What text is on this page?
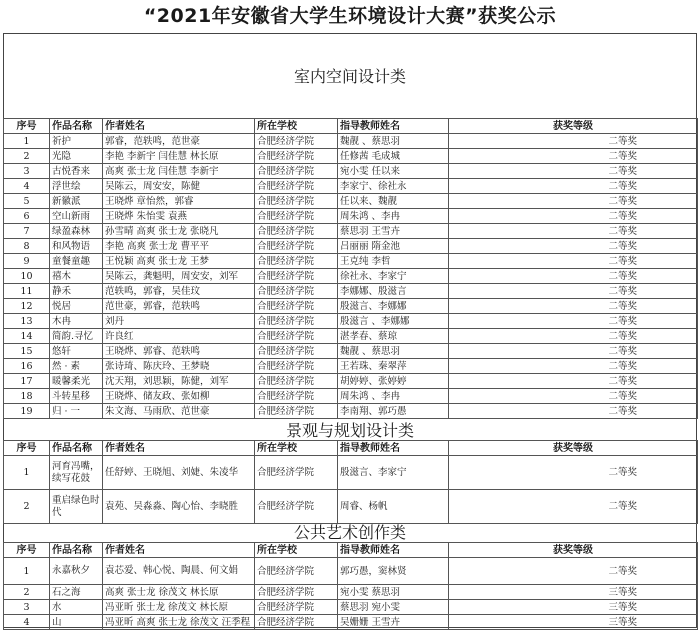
“2021年安徽省大学生环境设计大赛”获奖公示
室内空间设计类
序号	作品名称	作者姓名	所在学校	指导教师姓名	获奖等级
1	祈护	郭睿，范轶鸣，范世豪	合肥经济学院	魏靓 、蔡思羽	二等奖
2	光隐	李艳 李新宇 闫佳慧 林长原	合肥经济学院	任修茜 毛成城	二等奖
3	古悦香来	高爽 张士龙 闫佳慧 李新宇	合肥经济学院	宛小雯 任以来	二等奖
4	浮世绘	吴陈云，周安安，陈健	合肥经济学院	李家宁、徐社永	二等奖
5	新徽派	王晓烨 章怡然，郭睿	合肥经济学院	任以来、魏靓	二等奖
6	空山新雨	王晓烨 朱怡雯 袁燕	合肥经济学院	周朱鸿 、李冉	二等奖
7	绿盈森林	孙雪晴 高爽 张士龙 张晓凡	合肥经济学院	蔡思羽 王雪卉	二等奖
8	和风物语	李艳 高爽 张士龙 曹平平	合肥经济学院	吕丽丽 隋金池	二等奖
9	童餐童趣	王悦颖 高爽 张士龙 王梦	合肥经济学院	王克纯 李哲	二等奖
10	禧木	吴陈云，龚魁明，周安安，刘军	合肥经济学院	徐社永、李家宁	二等奖
11	静禾	范轶鸣，郭睿，吴佳玟	合肥经济学院	李娜娜、殷滋言	二等奖
12	悦居	范世豪，郭睿，范轶鸣	合肥经济学院	殷滋言、李娜娜	二等奖
13	木冉	刘丹	合肥经济学院	殷滋言 、李娜娜	二等奖
14	简韵.寻忆	许良红	合肥经济学院	湛孝春、蔡琼	二等奖
15	悠轩	王晓烨、郭睿、范轶鸣	合肥经济学院	魏靓 、蔡思羽	二等奖
16	然 · 素	张诗琦、陈庆玲、王梦晓	合肥经济学院	王若珠、秦翠萍	二等奖
17	暖馨柔光	沈天翔，刘思颖，陈健，刘军	合肥经济学院	胡婷婷、张婷婷	二等奖
18	斗转星移	王晓烨、储友政、张如柳	合肥经济学院	周朱鸿 、李冉	二等奖
19	归 · 一	朱文海、马雨欣、范世豪	合肥经济学院	李南翔、郭巧愚	二等奖
景观与规划设计类
序号	作品名称	作者姓名	所在学校	指导教师姓名	获奖等级
1	河育冯嘴，续写花鼓	任舒婷、王晓旭、刘婕、朱凌华	合肥经济学院	殷滋言、李家宁	二等奖
2	重启绿色时代	袁苑、吴淼淼、陶心怡、李晓胜	合肥经济学院	周睿、杨帆	二等奖
公共艺术创作类
序号	作品名称	作者姓名	所在学校	指导教师姓名	获奖等级
1	永嘉秋夕	袁芯爱、韩心悦、陶晨、何文娟	合肥经济学院	郭巧愚，窦林贤	二等奖
2	石之海	高爽 张士龙 徐茂文 林长原	合肥经济学院	宛小雯 蔡思羽	三等奖
3	水	冯亚昕 张士龙 徐茂文 林长原	合肥经济学院	蔡思羽 宛小雯	三等奖
4	山	冯亚昕 高爽 张士龙 徐茂文 汪季程	合肥经济学院	吴姗姗 王雪卉	三等奖
